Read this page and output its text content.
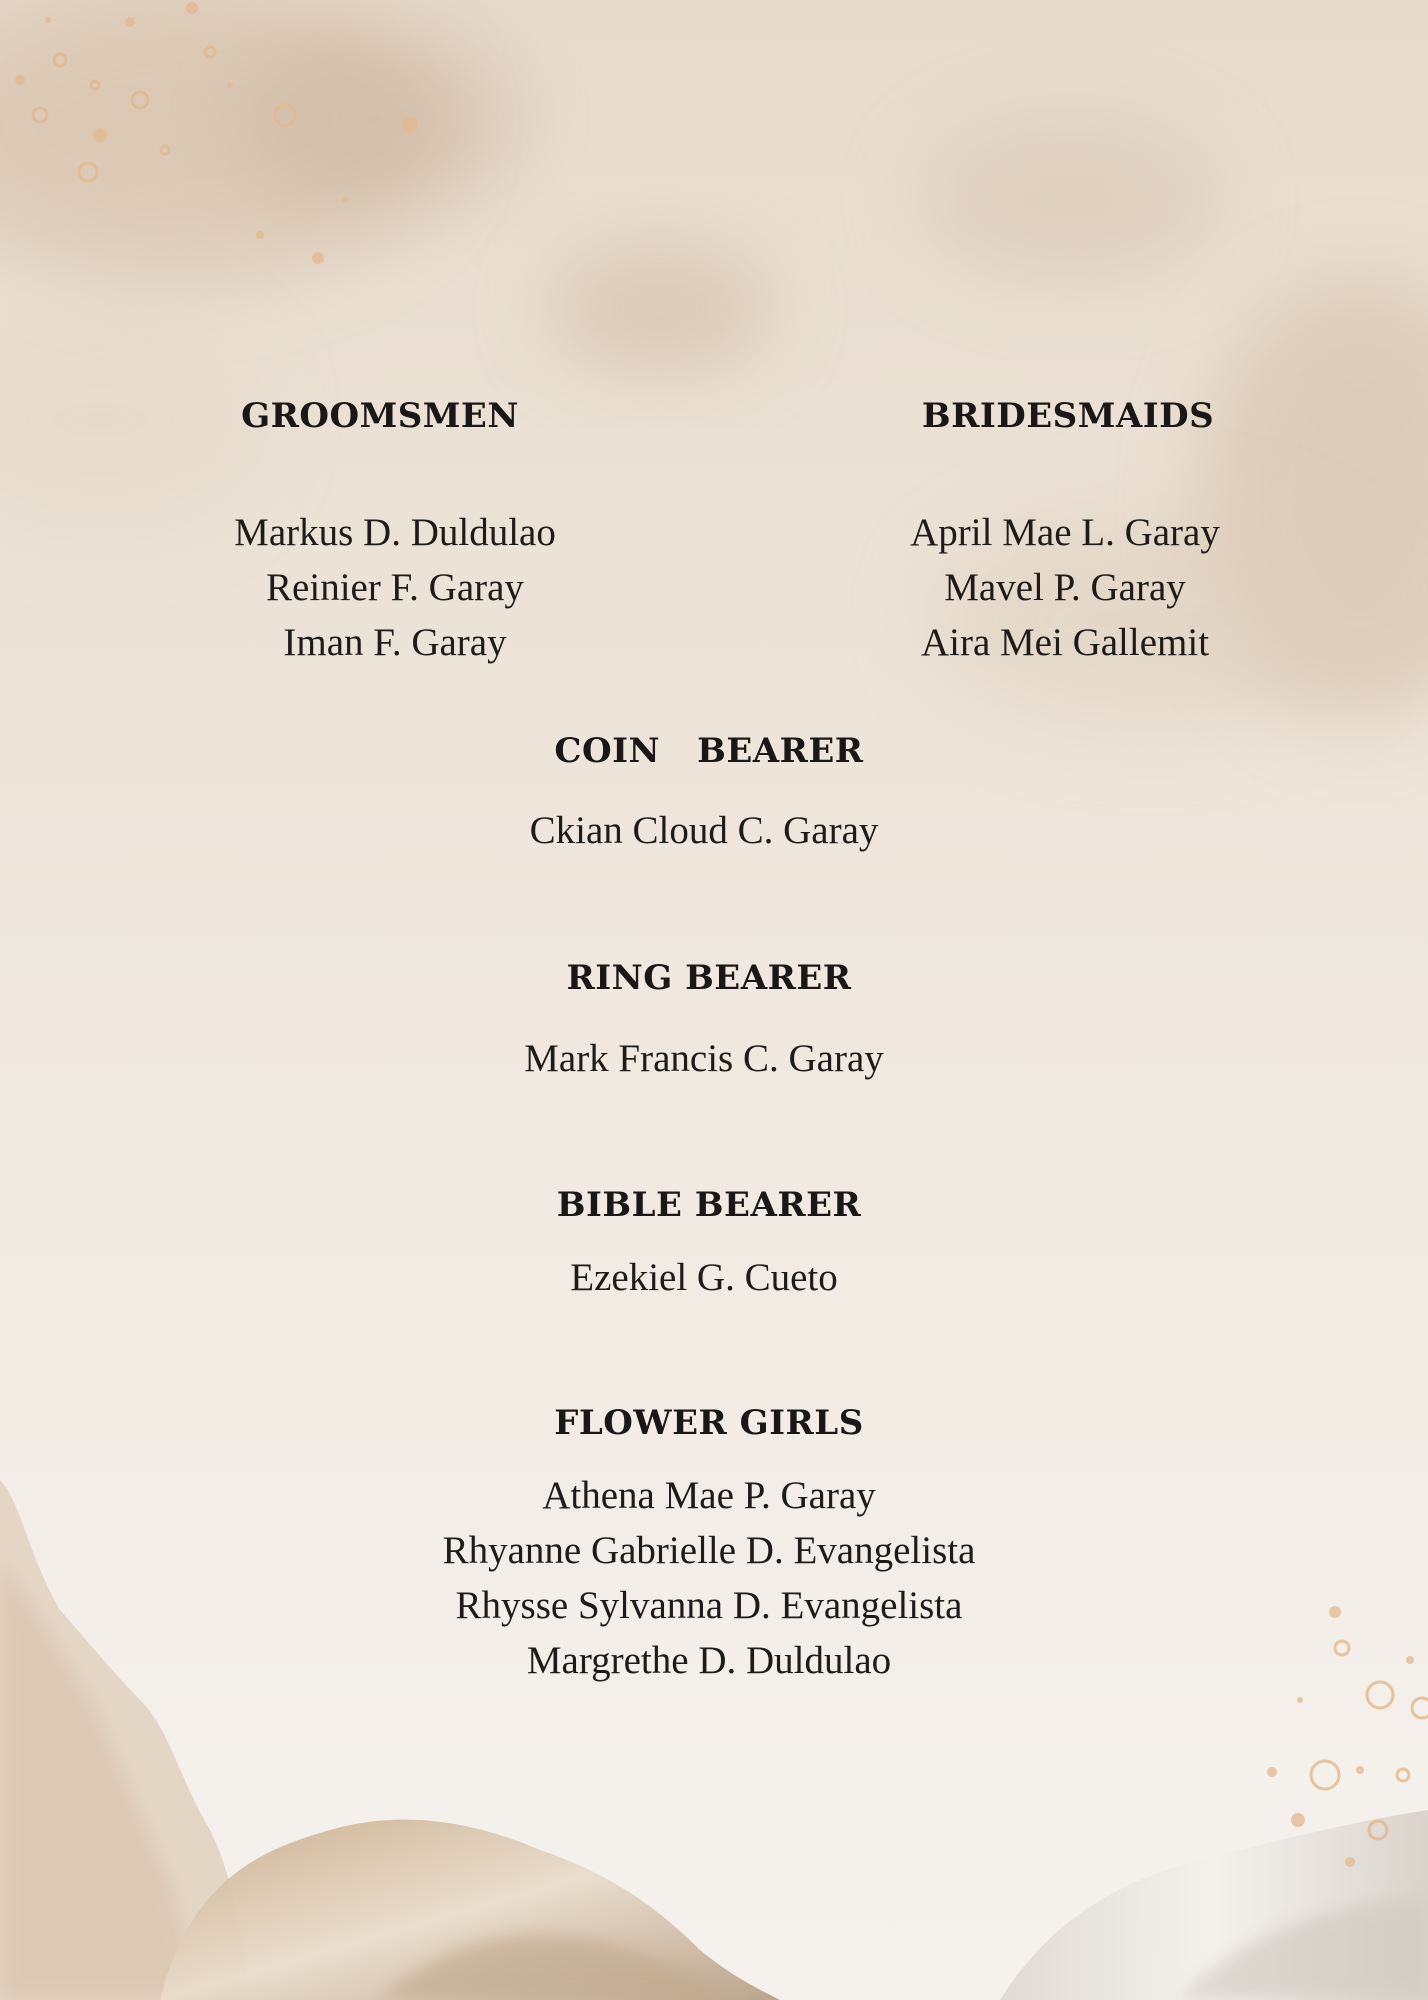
GROOMSMEN
Markus D. Duldulao
Reinier F. Garay
Iman F. Garay
BRIDESMAIDS
April Mae L. Garay
Mavel P. Garay
Aira Mei Gallemit
COIN   BEARER
Ckian Cloud C. Garay
RING BEARER
Mark Francis C. Garay
BIBLE BEARER
Ezekiel G. Cueto
FLOWER GIRLS
Athena Mae P. Garay
Rhyanne Gabrielle D. Evangelista
Rhysse Sylvanna D. Evangelista
Margrethe D. Duldulao
